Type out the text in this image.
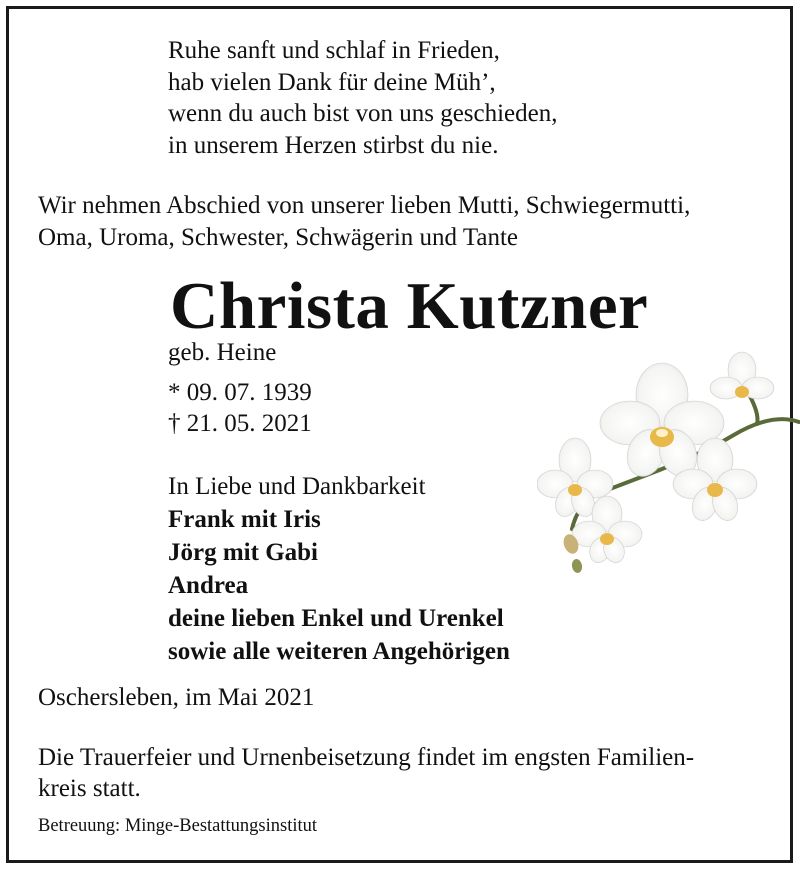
Ruhe sanft und schlaf in Frieden,
hab vielen Dank für deine Müh’,
wenn du auch bist von uns geschieden,
in unserem Herzen stirbst du nie.
Wir nehmen Abschied von unserer lieben Mutti, Schwiegermutti,
Oma, Uroma, Schwester, Schwägerin und Tante
Christa Kutzner
geb. Heine
* 09. 07. 1939
† 21. 05. 2021
In Liebe und Dankbarkeit
Frank mit Iris
Jörg mit Gabi
Andrea
deine lieben Enkel und Urenkel
sowie alle weiteren Angehörigen
Oschersleben, im Mai 2021
Die Trauerfeier und Urnenbeisetzung findet im engsten Familien-
kreis statt.
Betreuung: Minge-Bestattungsinstitut
